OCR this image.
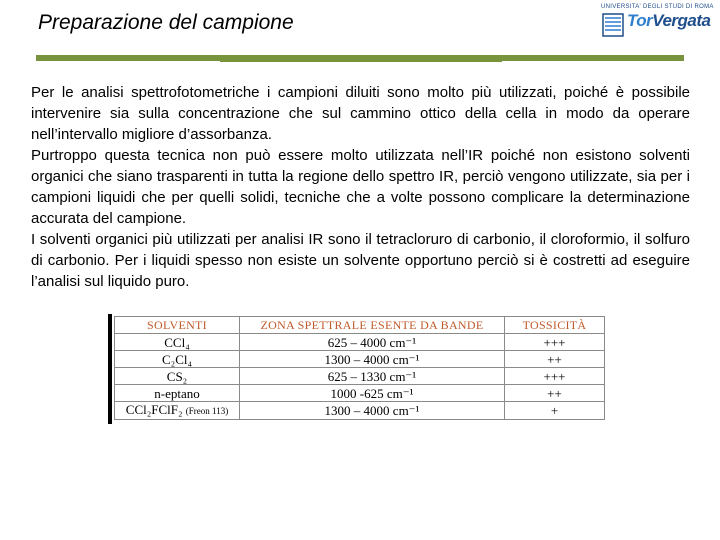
Preparazione del campione
UNIVERSITA' DEGLI STUDI DI ROMA
TorVergata

Per le analisi spettrofotometriche i campioni diluiti sono molto più utilizzati, poiché è possibile intervenire sia sulla concentrazione che sul cammino ottico della cella in modo da operare nell’intervallo migliore d’assorbanza.

Purtroppo questa tecnica non può essere molto utilizzata nell’IR poiché non esistono solventi organici che siano trasparenti in tutta la regione dello spettro IR, perciò vengono utilizzate, sia per i campioni liquidi che per quelli solidi, tecniche che a volte possono complicare la determinazione accurata del campione.

I solventi organici più utilizzati per analisi IR sono il tetracloruro di carbonio, il cloroformio, il solfuro di carbonio. Per i liquidi spesso non esiste un solvente opportuno perciò si è costretti ad eseguire l’analisi sul liquido puro.

SOLVENTI	ZONA SPETTRALE ESENTE DA BANDE	TOSSICITÀ
CCl₄	625 – 4000 cm⁻¹	+++
C₂Cl₄	1300 – 4000 cm⁻¹	++
CS₂	625 – 1330 cm⁻¹	+++
n-eptano	1000 -625 cm⁻¹	++
CCl₂FClF₂ (Freon 113)	1300 – 4000 cm⁻¹	+
